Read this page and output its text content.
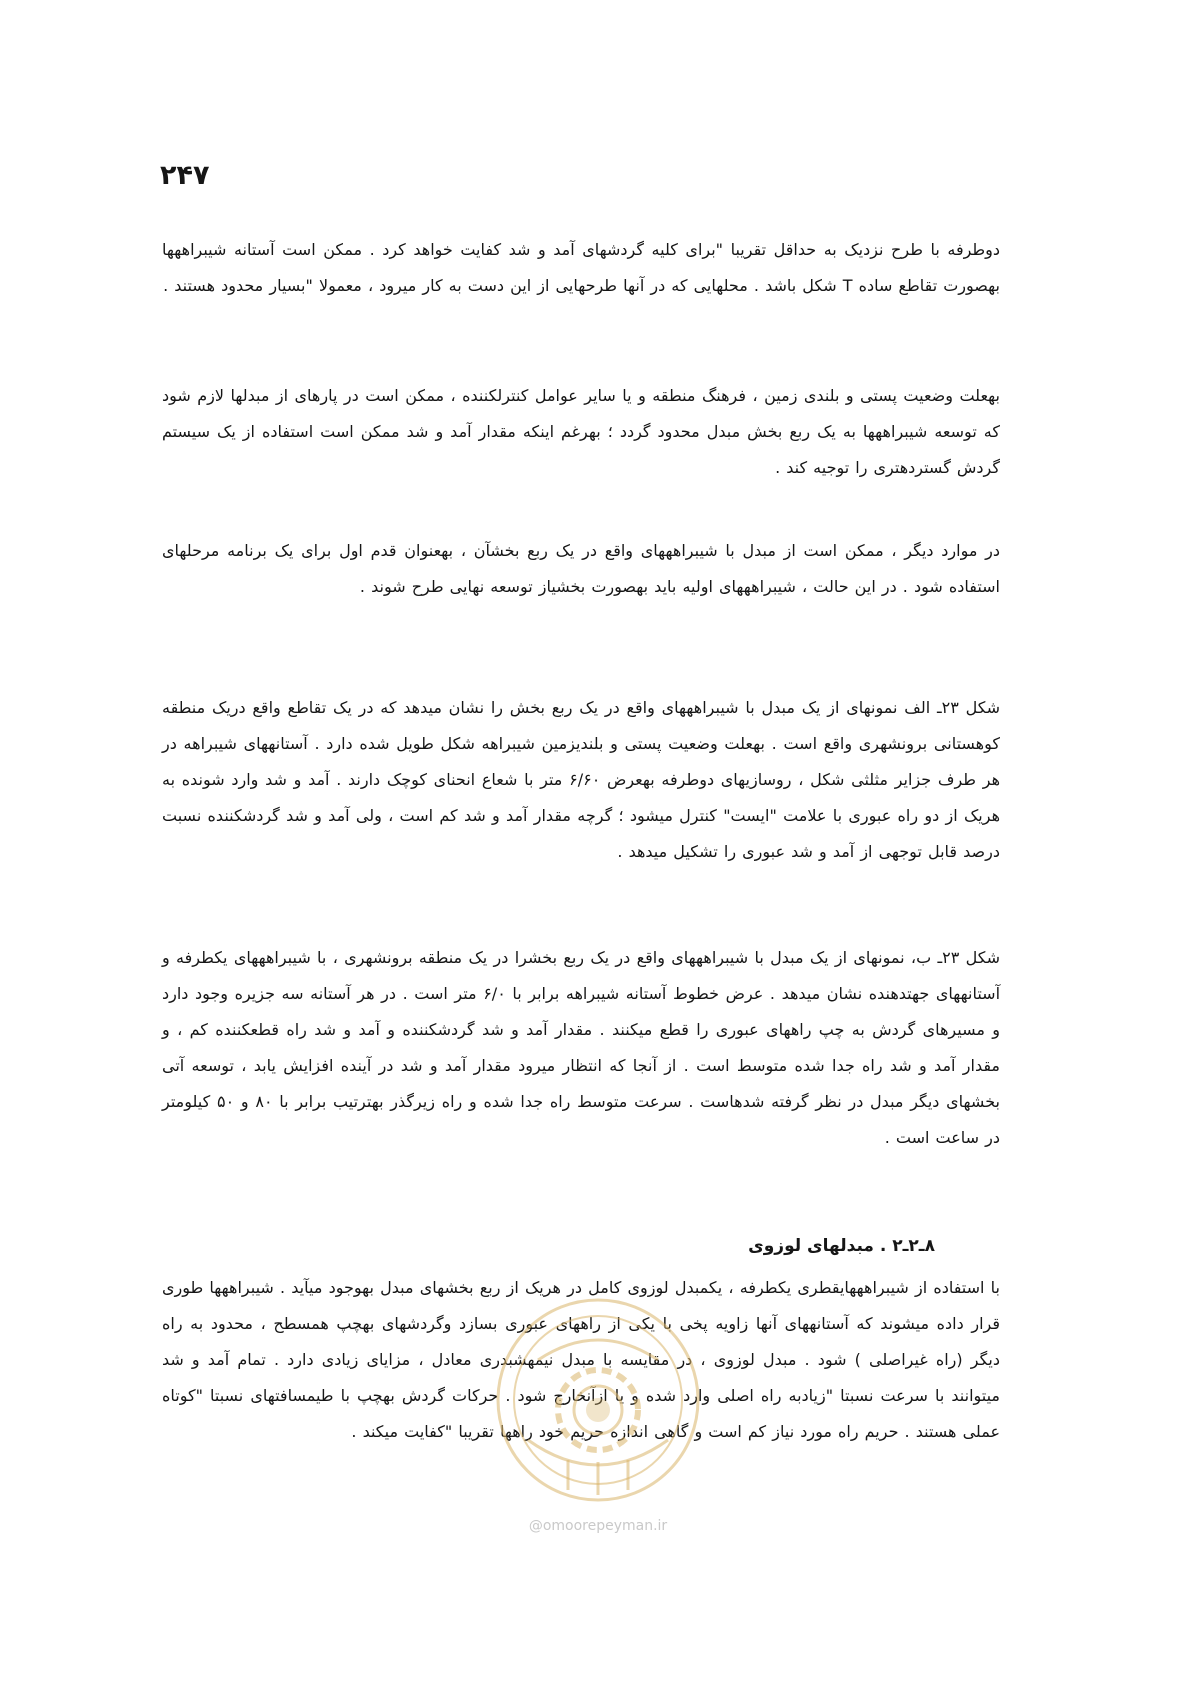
۲۴۷

دوطرفه با طرح نزدیک به حداقل تقریبا "برای کلیه گردشهای آمد و شد کفایت خواهد کرد . ممکن است آستانه شیبراههها بهصورت تقاطع ساده T شکل باشد . محلهایی که در آنها طرحهایی از این دست به کار میرود ، معمولا "بسیار محدود هستند .

بهعلت وضعیت پستی و بلندی زمین ، فرهنگ منطقه و یا سایر عوامل کنترلکننده ، ممکن است در پارهای از مبدلها لازم شود که توسعه شیبراههها به یک ربع بخش مبدل محدود گردد ؛ بهرغم اینکه مقدار آمد و شد ممکن است استفاده از یک سیستم گردش گستردهتری را توجیه کند .

در موارد دیگر ، ممکن است از مبدل با شیبراهههای واقع در یک ربع بخشآن ، بهعنوان قدم اول برای یک برنامه مرحلهای استفاده شود . در این حالت ، شیبراهههای اولیه باید بهصورت بخشیاز توسعه نهایی طرح شوند .

شکل ۲۳ـ الف نمونهای از یک مبدل با شیبراهههای واقع در یک ربع بخش را نشان میدهد که در یک تقاطع واقع دریک منطقه کوهستانی برونشهری واقع است . بهعلت وضعیت پستی و بلندیزمین شیبراهه شکل طویل شده دارد . آستانههای شیبراهه در هر طرف جزایر مثلثی شکل ، روسازیهای دوطرفه بهعرض ۶/۶۰ متر با شعاع انحنای کوچک دارند . آمد و شد وارد شونده به هریک از دو راه عبوری با علامت "ایست" کنترل میشود ؛ گرچه مقدار آمد و شد کم است ، ولی آمد و شد گردشکننده نسبت درصد قابل توجهی از آمد و شد عبوری را تشکیل میدهد .

شکل ۲۳ـ ب، نمونهای از یک مبدل با شیبراهههای واقع در یک ربع بخشرا در یک منطقه برونشهری ، با شیبراهههای یکطرفه و آستانههای جهتدهنده نشان میدهد . عرض خطوط آستانه شیبراهه برابر با ۶/۰ متر است . در هر آستانه سه جزیره وجود دارد و مسیرهای گردش به چپ راههای عبوری را قطع میکنند . مقدار آمد و شد گردشکننده و آمد و شد راه قطعکننده کم ، و مقدار آمد و شد راه جدا شده متوسط است . از آنجا که انتظار میرود مقدار آمد و شد در آینده افزایش یابد ، توسعه آتی بخشهای دیگر مبدل در نظر گرفته شدهاست . سرعت متوسط راه جدا شده و راه زیرگذر بهترتیب برابر با ۸۰ و ۵۰ کیلومتر در ساعت است .

۸ـ۲ـ۲ . مبدلهای لوزوی

با استفاده از شیبراهههایقطری یکطرفه ، یکمبدل لوزوی کامل در هریک از ربع بخشهای مبدل بهوجود میآید . شیبراههها طوری قرار داده میشوند که آستانههای آنها زاویه پخی با یکی از راههای عبوری بسازد وگردشهای بهچپ همسطح ، محدود به راه دیگر (راه غیراصلی ) شود . مبدل لوزوی ، در مقایسه با مبدل نیمهشبدری معادل ، مزایای زیادی دارد . تمام آمد و شد میتوانند با سرعت نسبتا "زیادبه راه اصلی وارد شده و یا ازآنخارج شود . حرکات گردش بهچپ با طیمسافتهای نسبتا "کوتاه عملی هستند . حریم راه مورد نیاز کم است و گاهی اندازه حریم خود راهها تقریبا "کفایت میکند .

@omoorepeyman.ir
